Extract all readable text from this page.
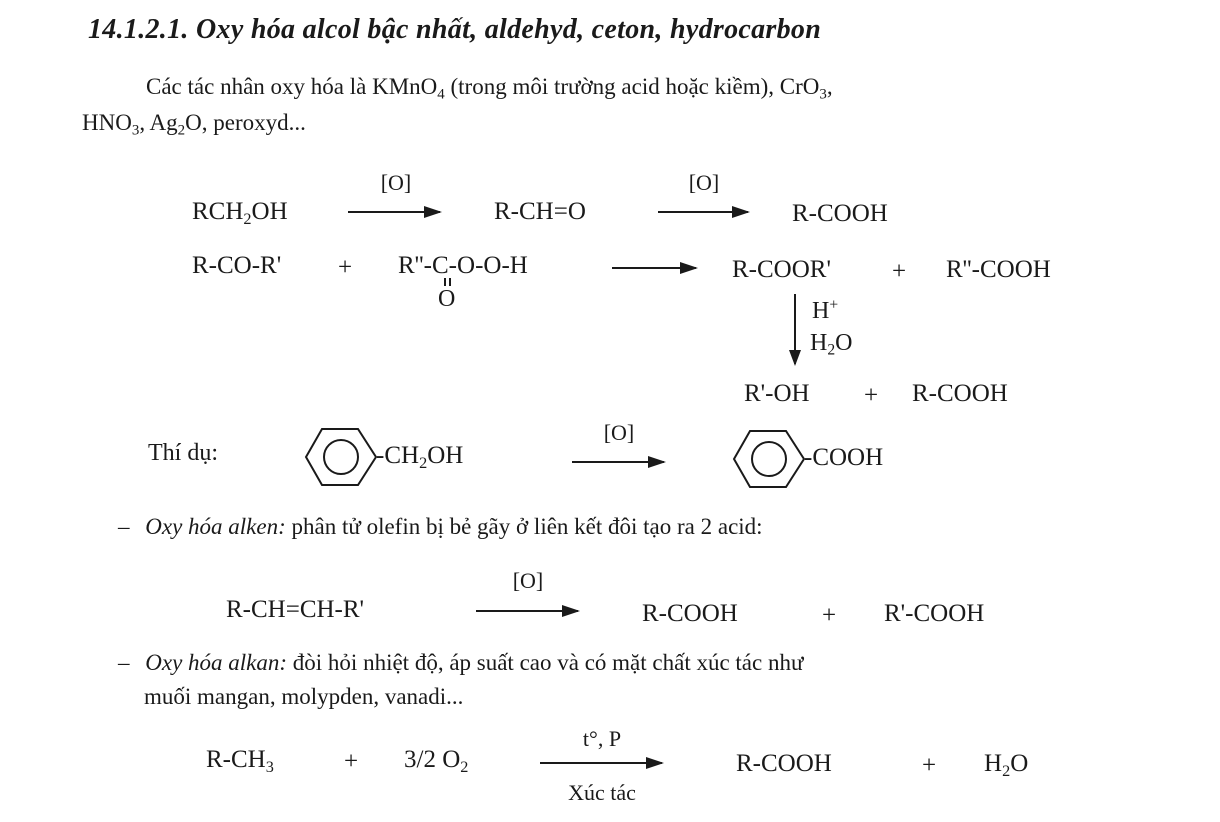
14.1.2.1. Oxy hóa alcol bậc nhất, aldehyd, ceton, hydrocarbon
Các tác nhân oxy hóa là KMnO$_4$ (trong môi trường acid hoặc kiềm), CrO$_3$,
$HNO_3$, $Ag_2O$, peroxyd...
$RCH_2OH$
[O]
R-CH=O
[O]
R-COOH
R-CO-R' + R''-C-O-O-H
O
R-COOR' + R''-COOH
H+
$H_2O$
R'-OH + R-COOH
Thí dụ:	$-CH_2OH$
[O]
-COOH
– Oxy hóa alken: phân tử olefin bị bẻ gãy ở liên kết đôi tạo ra 2 acid:
R-CH=CH-R'
[O]
R-COOH	+ R'-COOH
– Oxy hóa alkan: đòi hỏi nhiệt độ, áp suất cao và có mặt chất xúc tác như
muối mangan, molypden, vanadi...
$R-CH_3$	+ 3/2 $O_2$
t°, P
Xúc tác
R-COOH	+ $H_2O$
